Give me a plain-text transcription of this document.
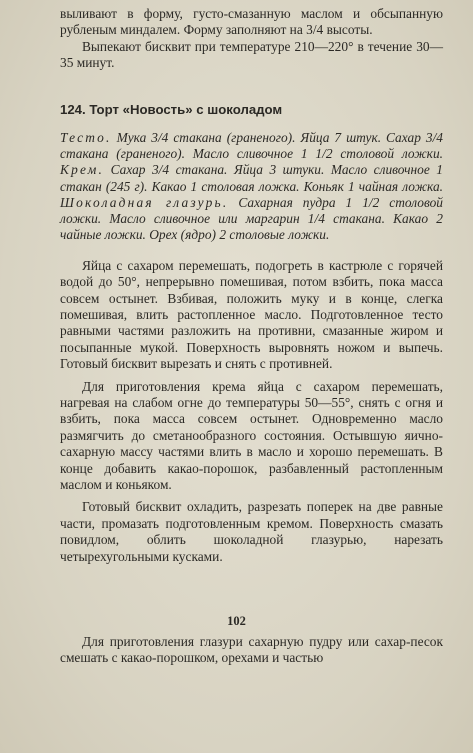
выливают в форму, густо-смазанную маслом и обсыпанную рубленым миндалем. Форму заполняют на 3/4 высоты.

Выпекают бисквит при температуре 210—220° в течение 30—35 минут.

124. Торт «Новость» с шоколадом
Тесто. Мука 3/4 стакана (граненого). Яйца 7 штук. Сахар 3/4 стакана (граненого). Масло сливочное 1 1/2 столовой ложки. Крем. Сахар 3/4 стакана. Яйца 3 штуки. Масло сливочное 1 стакан (245 г). Какао 1 столовая ложка. Коньяк 1 чайная ложка. Шоколадная глазурь. Сахарная пудра 1 1/2 столовой ложки. Масло сливочное или маргарин 1/4 стакана. Какао 2 чайные ложки. Орех (ядро) 2 столовые ложки.

Яйца с сахаром перемешать, подогреть в кастрюле с горячей водой до 50°, непрерывно помешивая, потом взбить, пока масса совсем остынет. Взбивая, положить муку и в конце, слегка помешивая, влить растопленное масло. Подготовленное тесто равными частями разложить на противни, смазанные жиром и посыпанные мукой. Поверхность выровнять ножом и выпечь. Готовый бисквит вырезать и снять с противней.

Для приготовления крема яйца с сахаром перемешать, нагревая на слабом огне до температуры 50—55°, снять с огня и взбить, пока масса совсем остынет. Одновременно масло размягчить до сметанообразного состояния. Остывшую яично-сахарную массу частями влить в масло и хорошо перемешать. В конце добавить какао-порошок, разбавленный растопленным маслом и коньяком.

Готовый бисквит охладить, разрезать поперек на две равные части, промазать подготовленным кремом. Поверхность смазать повидлом, облить шоколадной глазурью, нарезать четырехугольными кусками.

102

Для приготовления глазури сахарную пудру или сахар-песок смешать с какао-порошком, орехами и частью
